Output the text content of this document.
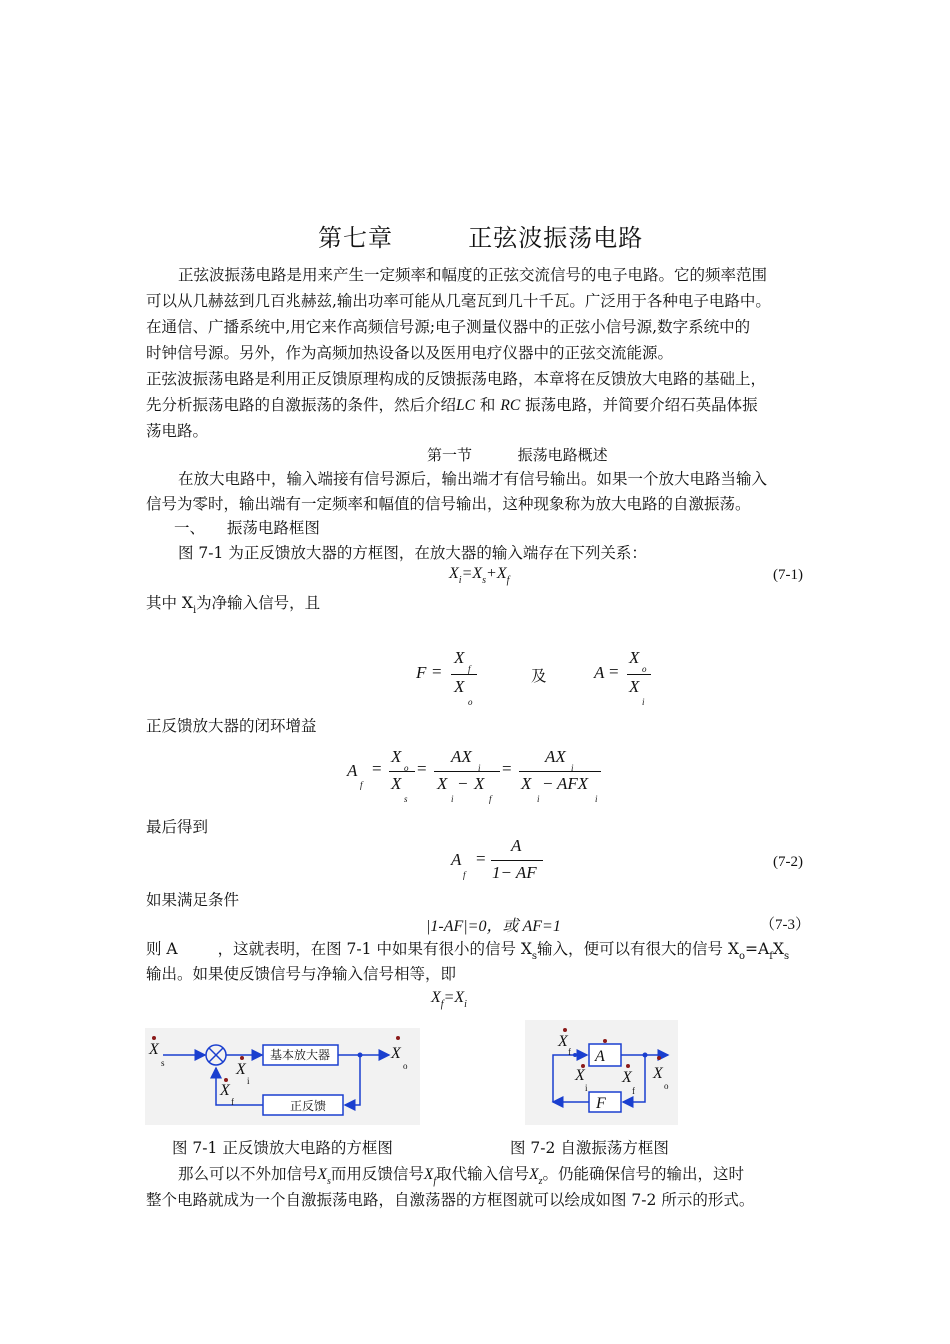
第七章	正弦波振荡电路
正弦波振荡电路是用来产生一定频率和幅度的正弦交流信号的电子电路。它的频率范围
可以从几赫兹到几百兆赫兹,输出功率可能从几毫瓦到几十千瓦。广泛用于各种电子电路中。
在通信、广播系统中,用它来作高频信号源;电子测量仪器中的正弦小信号源,数字系统中的
时钟信号源。另外，作为高频加热设备以及医用电疗仪器中的正弦交流能源。
正弦波振荡电路是利用正反馈原理构成的反馈振荡电路，本章将在反馈放大电路的基础上，
先分析振荡电路的自激振荡的条件，然后介绍LC 和 RC 振荡电路，并简要介绍石英晶体振
荡电路。
第一节	振荡电路概述
在放大电路中，输入端接有信号源后，输出端才有信号输出。如果一个放大电路当输入
信号为零时，输出端有一定频率和幅值的信号输出，这种现象称为放大电路的自激振荡。
一、 振荡电路框图
图 7-1 为正反馈放大器的方框图，在放大器的输入端存在下列关系：
$X_i=X_s+X_f$	(7-1)
其中 $X_i$为净输入信号，且
F =
X
f
X
o
及	A =
X
o
X
i
正反馈放大器的闭环增益
A
f
=
X
o
X
s
=
AX
i
X
i
− X
f
=
AX
i
X
i
− AFX
i
最后得到
A
f
=
A
1− AF
(7-2)
如果满足条件
|1-AF|=0，或 AF=1	（7-3）
则 A	，这就表明，在图 7-1 中如果有很小的信号 $X_s$输入，便可以有很大的信号 $X_o=A_fX_s$
输出。如果使反馈信号与净输入信号相等，即
$X_f=X_i$
基本放大器
正反馈
X
s	X
i
X
f
X
o
A
F
X
f
X
i
X
f
X
o
图 7-1 正反馈放大电路的方框图	图 7-2 自激振荡方框图
那么可以不外加信号$X_s$而用反馈信号$X_f$取代输入信号$X_z$。仍能确保信号的输出，这时
整个电路就成为一个自激振荡电路，自激荡器的方框图就可以绘成如图 7-2 所示的形式。
